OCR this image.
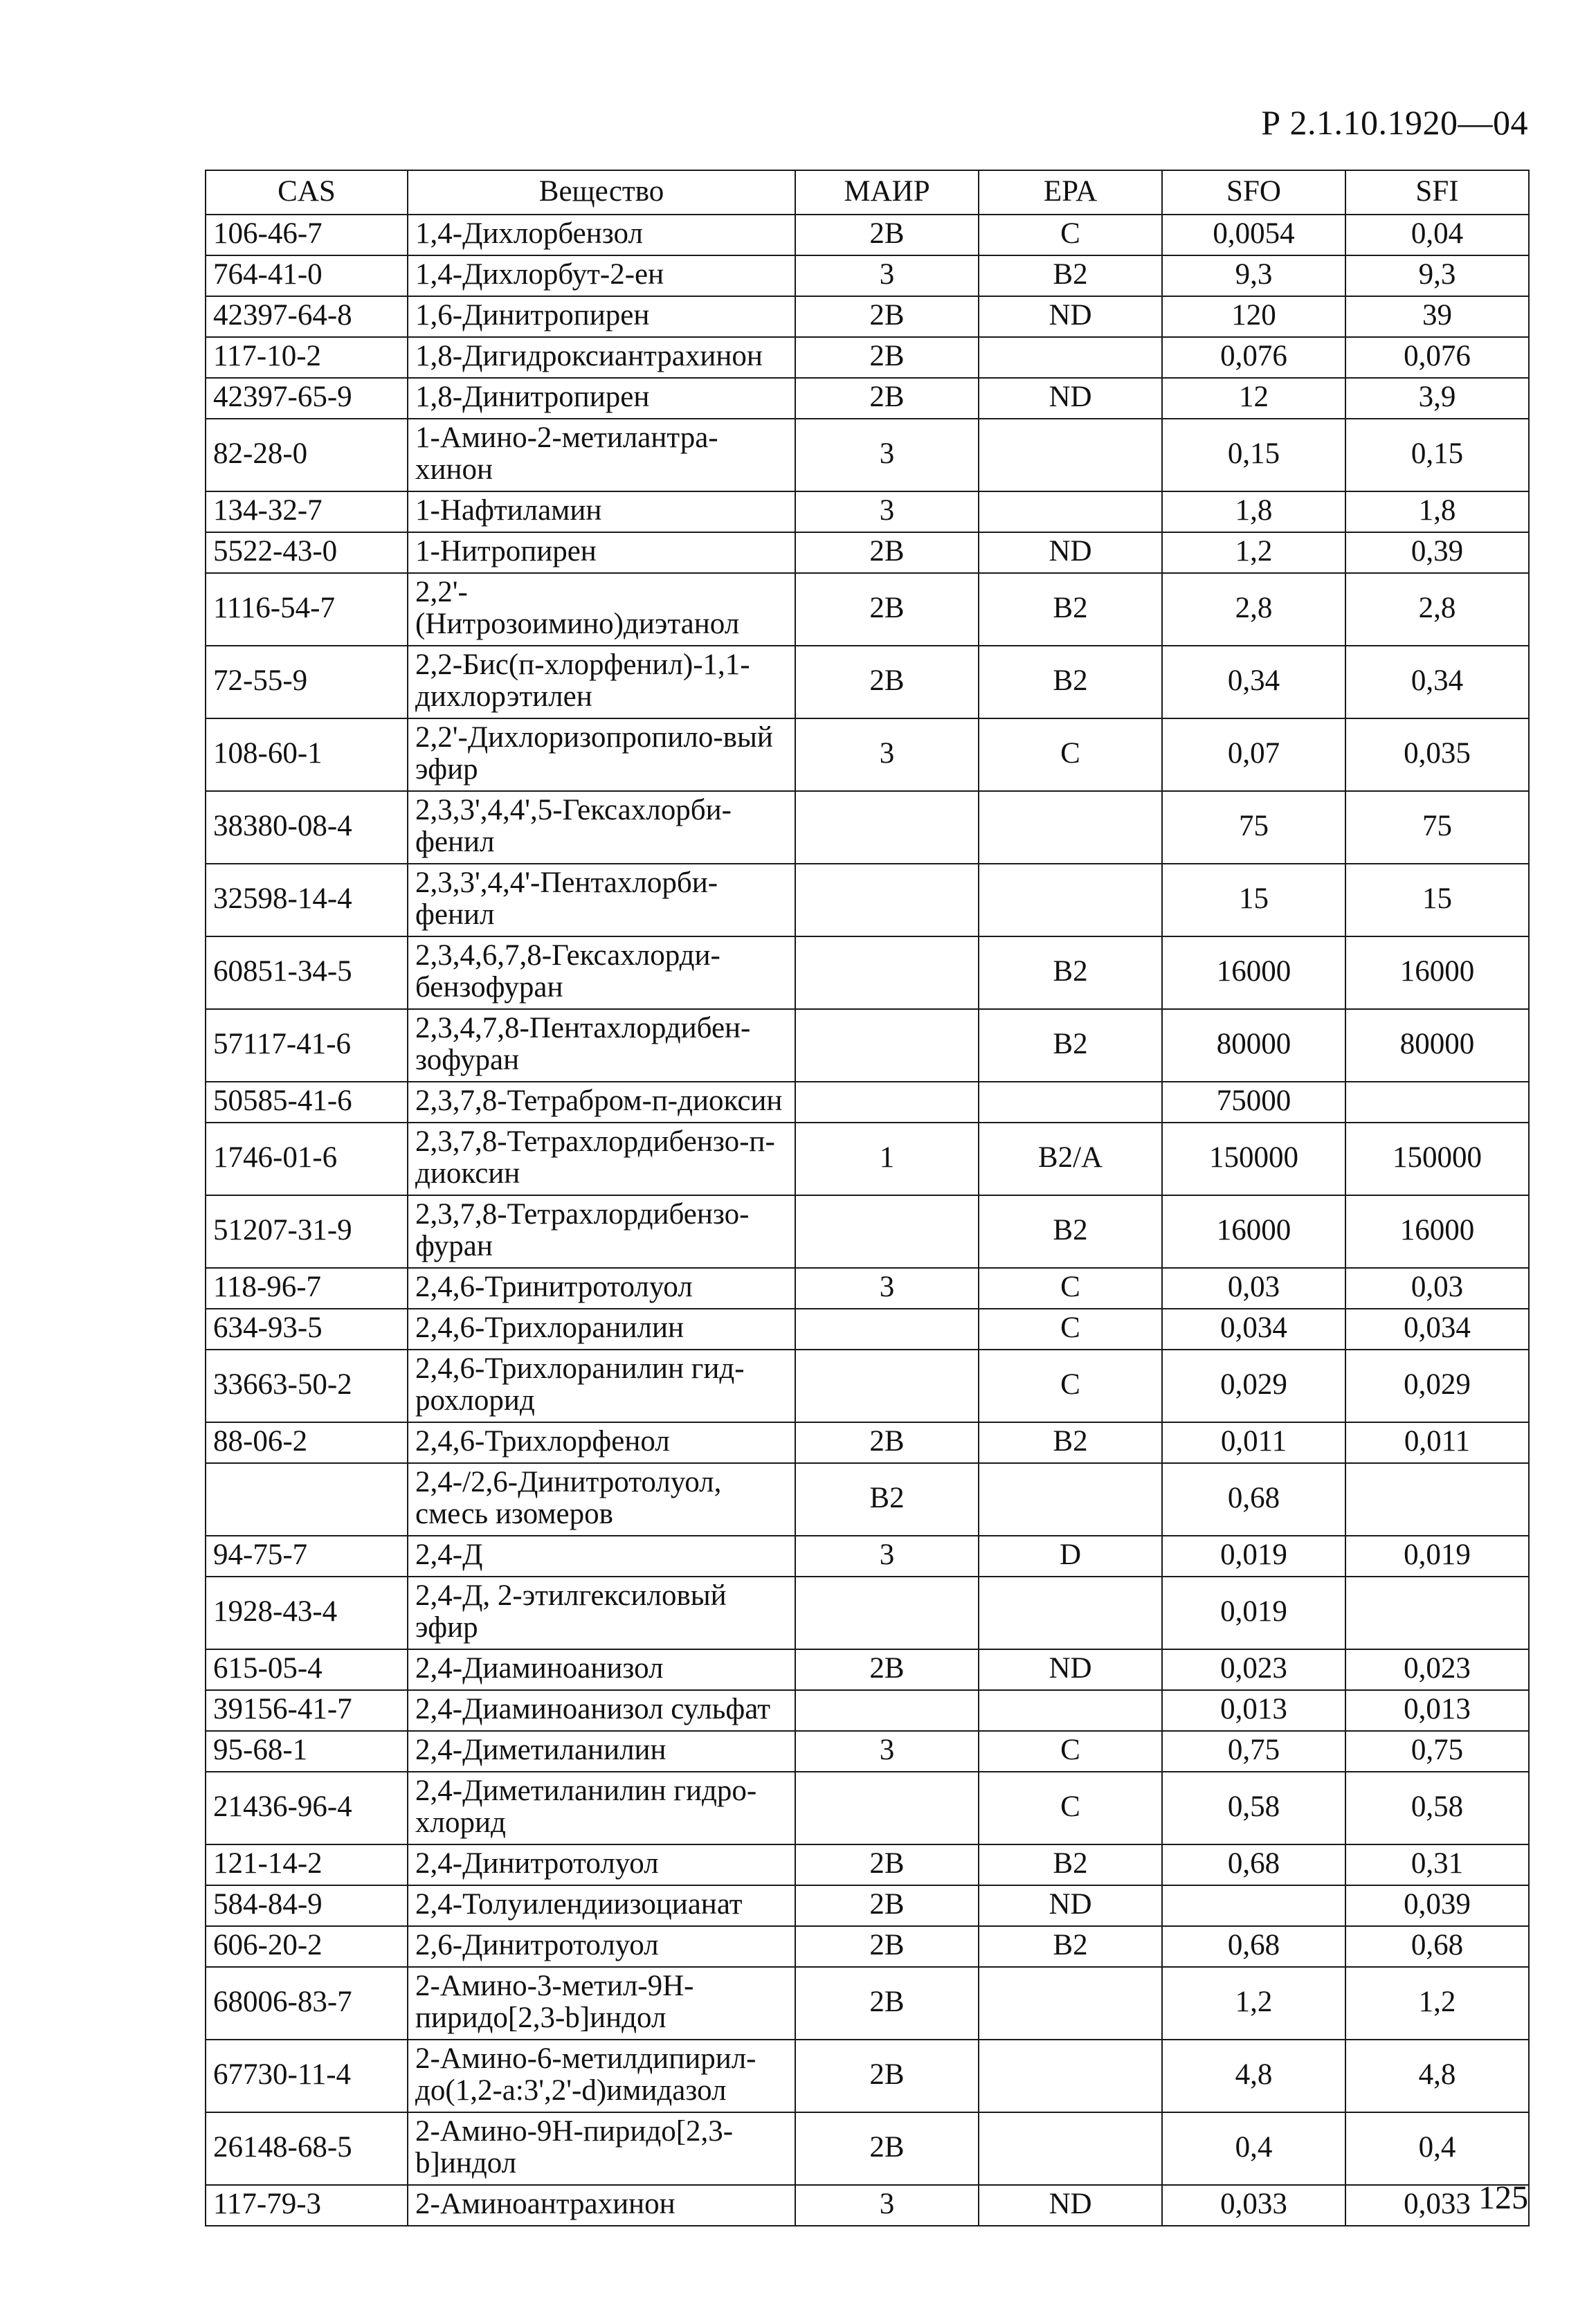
Р 2.1.10.1920—04
CAS	Вещество	МАИР	EPA	SFO	SFI
106-46-7	1,4-Дихлорбензол	2В	C	0,0054	0,04
764-41-0	1,4-Дихлорбут-2-ен	3	B2	9,3	9,3
42397-64-8	1,6-Динитропирен	2В	ND	120	39
117-10-2	1,8-Дигидроксиантрахинон	2В		0,076	0,076
42397-65-9	1,8-Динитропирен	2В	ND	12	3,9
82-28-0	1-Амино-2-метилантра-хинон	3		0,15	0,15
134-32-7	1-Нафтиламин	3		1,8	1,8
5522-43-0	1-Нитропирен	2В	ND	1,2	0,39
1116-54-7	2,2'-(Нитрозоимино)диэтанол	2В	B2	2,8	2,8
72-55-9	2,2-Бис(п-хлорфенил)-1,1-дихлорэтилен	2В	B2	0,34	0,34
108-60-1	2,2'-Дихлоризопропило-вый эфир	3	C	0,07	0,035
38380-08-4	2,3,3',4,4',5-Гексахлорби-фенил			75	75
32598-14-4	2,3,3',4,4'-Пентахлорби-фенил			15	15
60851-34-5	2,3,4,6,7,8-Гексахлорди-бензофуран		B2	16000	16000
57117-41-6	2,3,4,7,8-Пентахлордибен-зофуран		B2	80000	80000
50585-41-6	2,3,7,8-Тетрабром-п-диоксин			75000	
1746-01-6	2,3,7,8-Тетрахлордибензо-п-диоксин	1	B2/A	150000	150000
51207-31-9	2,3,7,8-Тетрахлордибензо-фуран		B2	16000	16000
118-96-7	2,4,6-Тринитротолуол	3	C	0,03	0,03
634-93-5	2,4,6-Трихлоранилин		C	0,034	0,034
33663-50-2	2,4,6-Трихлоранилин гид-рохлорид		C	0,029	0,029
88-06-2	2,4,6-Трихлорфенол	2В	B2	0,011	0,011
	2,4-/2,6-Динитротолуол, смесь изомеров	B2		0,68	
94-75-7	2,4-Д	3	D	0,019	0,019
1928-43-4	2,4-Д, 2-этилгексиловый эфир			0,019	
615-05-4	2,4-Диаминоанизол	2В	ND	0,023	0,023
39156-41-7	2,4-Диаминоанизол сульфат			0,013	0,013
95-68-1	2,4-Диметиланилин	3	C	0,75	0,75
21436-96-4	2,4-Диметиланилин гидро-хлорид		C	0,58	0,58
121-14-2	2,4-Динитротолуол	2В	B2	0,68	0,31
584-84-9	2,4-Толуилендиизоцианат	2В	ND		0,039
606-20-2	2,6-Динитротолуол	2В	B2	0,68	0,68
68006-83-7	2-Амино-3-метил-9Н-пиридо[2,3-b]индол	2В		1,2	1,2
67730-11-4	2-Амино-6-метилдипирил-до(1,2-а:3',2'-d)имидазол	2В		4,8	4,8
26148-68-5	2-Амино-9Н-пиридо[2,3-b]индол	2В		0,4	0,4
117-79-3	2-Аминоантрахинон	3	ND	0,033	0,033 125
